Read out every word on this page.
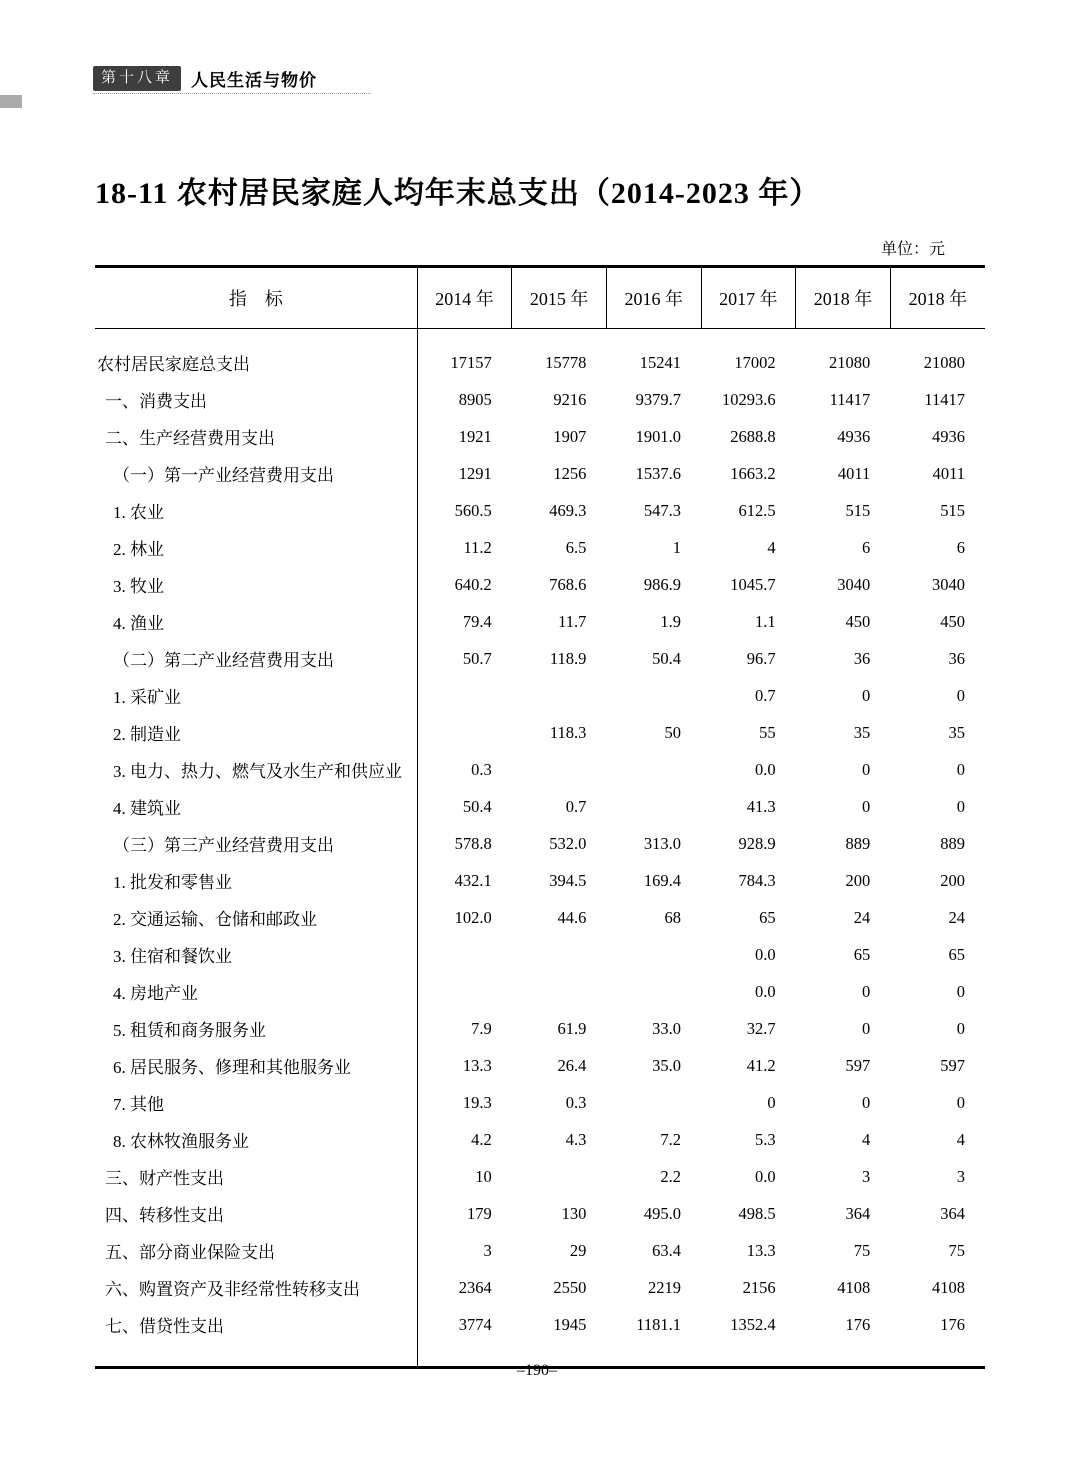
第十八章	人民生活与物价
18-11 农村居民家庭人均年末总支出（2014-2023 年）
单位：元
指　标	2014 年	2015 年	2016 年	2017 年	2018 年	2018 年
农村居民家庭总支出	17157	15778	15241	17002	21080	21080
一、消费支出	8905	9216	9379.7	10293.6	11417	11417
二、生产经营费用支出	1921	1907	1901.0	2688.8	4936	4936
（一）第一产业经营费用支出	1291	1256	1537.6	1663.2	4011	4011
1. 农业	560.5	469.3	547.3	612.5	515	515
2. 林业	11.2	6.5	1	4	6	6
3. 牧业	640.2	768.6	986.9	1045.7	3040	3040
4. 渔业	79.4	11.7	1.9	1.1	450	450
（二）第二产业经营费用支出	50.7	118.9	50.4	96.7	36	36
1. 采矿业				0.7	0	0
2. 制造业		118.3	50	55	35	35
3. 电力、热力、燃气及水生产和供应业	0.3			0.0	0	0
4. 建筑业	50.4	0.7		41.3	0	0
（三）第三产业经营费用支出	578.8	532.0	313.0	928.9	889	889
1. 批发和零售业	432.1	394.5	169.4	784.3	200	200
2. 交通运输、仓储和邮政业	102.0	44.6	68	65	24	24
3. 住宿和餐饮业				0.0	65	65
4. 房地产业				0.0	0	0
5. 租赁和商务服务业	7.9	61.9	33.0	32.7	0	0
6. 居民服务、修理和其他服务业	13.3	26.4	35.0	41.2	597	597
7. 其他	19.3	0.3		0	0	0
8. 农林牧渔服务业	4.2	4.3	7.2	5.3	4	4
三、财产性支出	10		2.2	0.0	3	3
四、转移性支出	179	130	495.0	498.5	364	364
五、部分商业保险支出	3	29	63.4	13.3	75	75
六、购置资产及非经常性转移支出	2364	2550	2219	2156	4108	4108
七、借贷性支出	3774	1945	1181.1	1352.4	176	176
–190–
